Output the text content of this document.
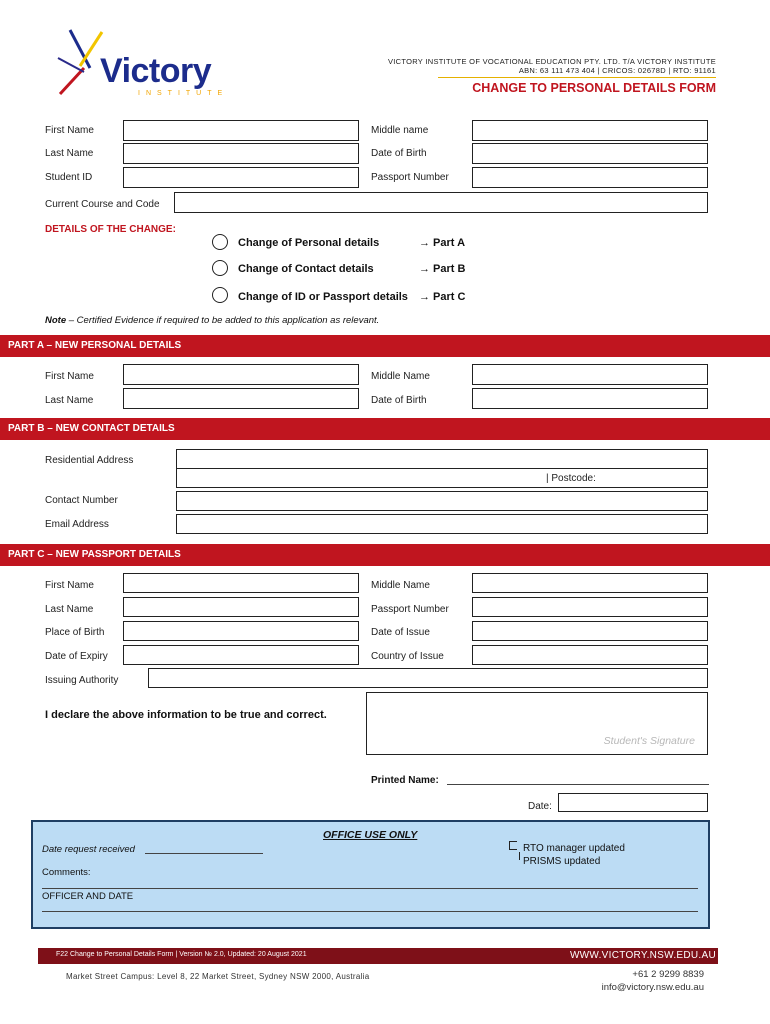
Victory
INSTITUTE
VICTORY INSTITUTE OF VOCATIONAL EDUCATION PTY. LTD. T/A VICTORY INSTITUTE
ABN: 63 111 473 404 | CRICOS: 02678D | RTO: 91161
CHANGE TO PERSONAL DETAILS FORM
First Name	Middle name
Last Name	Date of Birth
Student ID	Passport Number
Current Course and Code
DETAILS OF THE CHANGE:
Change of Personal details	→ Part A
Change of Contact details	→ Part B
Change of ID or Passport details → Part C
Note – Certified Evidence if required to be added to this application as relevant.
PART A – NEW PERSONAL DETAILS
First Name	Middle Name
Last Name	Date of Birth
PART B – NEW CONTACT DETAILS
Residential Address
| Postcode:
Contact Number
Email Address
PART C – NEW PASSPORT DETAILS
First Name	Middle Name
Last Name	Passport Number
Place of Birth	Date of Issue
Date of Expiry	Country of Issue
Issuing Authority
I declare the above information to be true and correct.
Student's Signature
Printed Name:
Date:
OFFICE USE ONLY
Date request received	RTO manager updated
PRISMS updated
Comments:
OFFICER AND DATE
F22 Change to Personal Details Form | Version № 2.0, Updated: 20 August 2021	WWW.VICTORY.NSW.EDU.AU
Market Street Campus: Level 8, 22 Market Street, Sydney NSW 2000, Australia	+61 2 9299 8839
info@victory.nsw.edu.au
